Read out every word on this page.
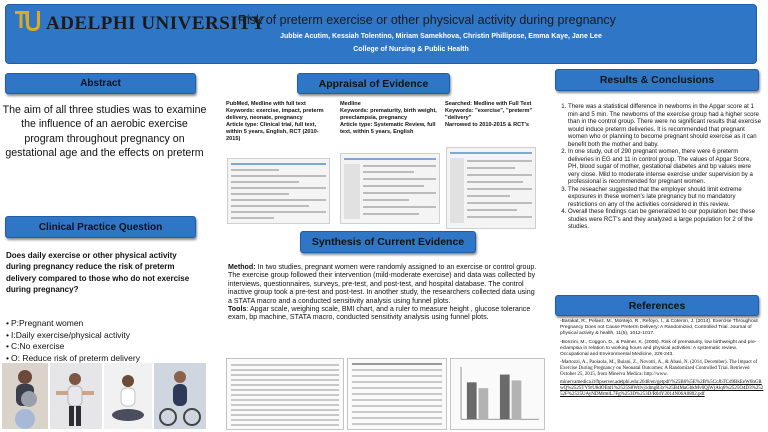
ADELPHI UNIVERSITY
Risk of preterm exercise or other physicval activity during pregnancy
Jubbie Acutim, Kessiah Tolentino, Miriam Samekhova, Christin Phillipose, Emma Kaye, Jane Lee
College of Nursing & Public Health
Abstract
The aim of all three studies was to examine the influence of an aerobic exercise program throughout pregnancy on gestational age and the effects on preterm
Clinical Practice Question
Does daily exercise or other physical activity during pregnancy reduce the risk of preterm delivery compared to those who do not exercise during pregnancy?
• P:Pregnant women
• I:Daily exercise/physical activity
• C:No exercise
• O: Reduce risk of preterm delivery
Appraisal of Evidence
PubMed, Medline with full text
Keywords: exercise, impact, preterm delivery, neonate, pregnancy
Article type: Clinical trial, full text, within 5 years, English, RCT (2010-2015)
Medline
Keywords: prematurity, birth weight, preeclampsia, pregnancy
Article type: Systematic Review, full text, within 5 years, English
Searched: Medline with Full Text
Keywords: "exercise", "preterm" "delivery"
Narrowed to 2010-2015 & RCT's
Synthesis of Current Evidence
Method: In two studies, pregnant women were randomly assigned to an exercise or control group. The exercise group followed their intervention (mild-moderate exercise) and data was collected by interviews, questionnaires, surveys, pre-test, and post-test, and hospital database. The control inactive group took a pre-test and post-test. In another study, the researchers collected data using a STATA macro and a conducted sensitivity analysis using funnel plots.
Tools: Apgar scale, weighing scale, BMI chart, and a ruler to measure height , glucose tolerance exam, bp machine, STATA macro, conducted sensitivity analysis using funnel plots.
Results & Conclusions
1. There was a statistical difference in newborns in the Apgar score at 1 min and 5 min. The newborns of the exercise group had a higher score than in the control group. There were no significant results that exercise would induce preterm deliveries. It is recommended that pregnant women who or planning to become pregnant should exercise as it can benefit both the mother and baby.
2. In one study, out of 290 pregnant women, there were 6 preterm deliveries in EG and 11 in control group. The values of Apgar Score, PH, blood sugar of mother, gestational diabetes and bp values were very close. Mild to moderate intense exercise under supervision by a professional is recommended for pregnant women.
3. The reseacher suggested that the employer should limit extreme exposures in these women's late pregnancy but no mandatory restrictions on any of the activities considered in this review.
4. Overall these findings can be generalized to our population bec these studies were RCT's and they analyzed a large population for 2 of the studies.
References

-Barakat, R., Pelaez, M., Montejo, R., Refoyo, I., & Coteron, J. (2014). Exercise Throughout Pregnancy Does not Cause Preterm Delivery: A Randomized, Controlled Trial. Journal of physical activity & health, 11(5), 1012-1017.

-Bonzini, M., Coggon, D., & Palmer, K. (2006). Risk of prematurity, low birthweight and pre-eclampsia in relation to working hours and physical activities: A systematic review. Occupational and Environmental Medicine, 226-243.

-Martozzi, A., Paoiaola, M., Buiani, Z., Novotri, A., & Abasi, N. (2014, December). The Impact of Exercise During Pregnancy on Neonatal Outcomes: A Randomized Controlled Trial. Retrieved October 25, 2015, from Minerva Medica: http://www.

minervamedica.it/ftpserver.adelphi.edu:2048/en/getpdf/%25B6%5E%2B%5CcJbTCd9BkEeW6hGRwQ%2525TY9rU8dOEtd1%2525S8Wtlvj1dmgB3x%25B4MaGbkMv6QjWjAlq6%2525O4D3%25252F%2525UAyNDMrmlL7Fg%253D%253D/R04Y2014N06A0802.pdf
